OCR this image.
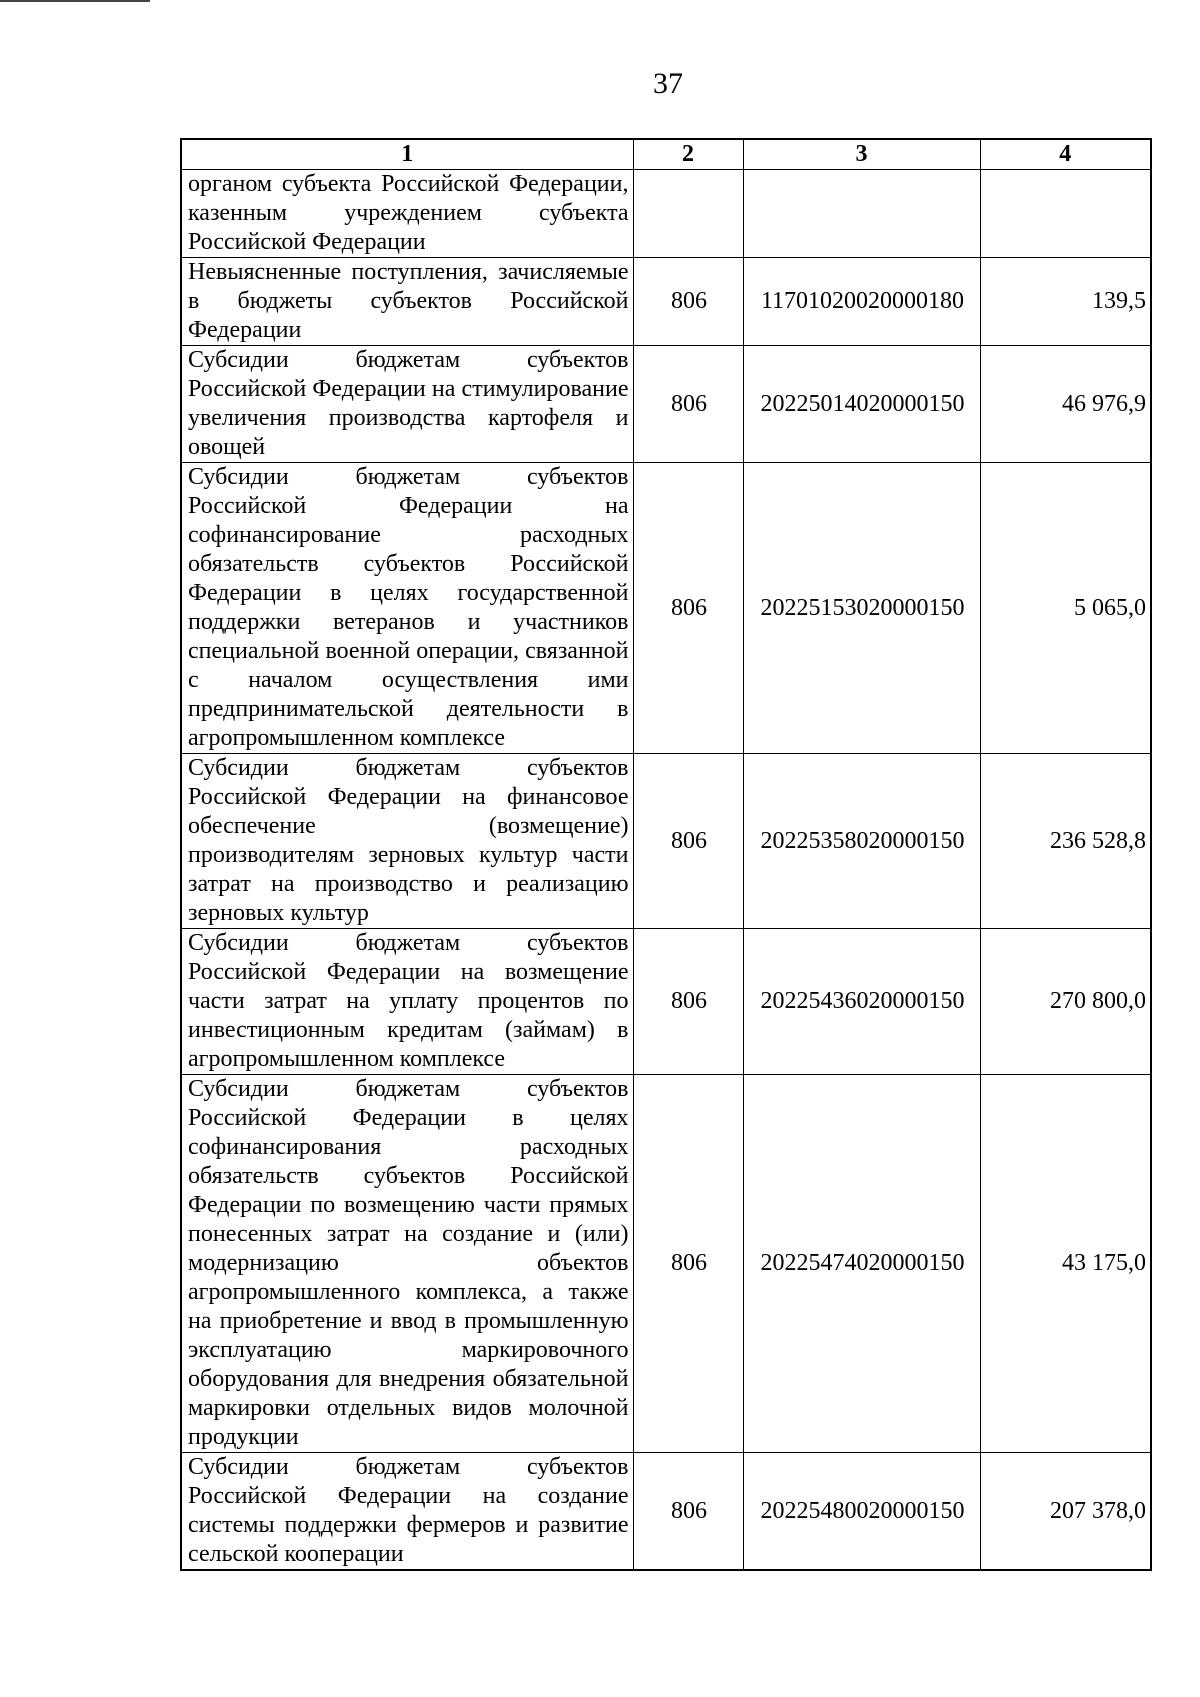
37
1	2	3	4
органом субъекта Российской Федерации, казенным учреждением субъекта Российской Федерации			
Невыясненные поступления, зачисляемые в бюджеты субъектов Российской Федерации	806	11701020020000180	139,5
Субсидии бюджетам субъектов Российской Федерации на стимулирование увеличения производства картофеля и овощей	806	20225014020000150	46 976,9
Субсидии бюджетам субъектов Российской Федерации на софинансирование расходных обязательств субъектов Российской Федерации в целях государственной поддержки ветеранов и участников специальной военной операции, связанной с началом осуществления ими предпринимательской деятельности в агропромышленном комплексе	806	20225153020000150	5 065,0
Субсидии бюджетам субъектов Российской Федерации на финансовое обеспечение (возмещение) производителям зерновых культур части затрат на производство и реализацию зерновых культур	806	20225358020000150	236 528,8
Субсидии бюджетам субъектов Российской Федерации на возмещение части затрат на уплату процентов по инвестиционным кредитам (займам) в агропромышленном комплексе	806	20225436020000150	270 800,0
Субсидии бюджетам субъектов Российской Федерации в целях софинансирования расходных обязательств субъектов Российской Федерации по возмещению части прямых понесенных затрат на создание и (или) модернизацию объектов агропромышленного комплекса, а также на приобретение и ввод в промышленную эксплуатацию маркировочного оборудования для внедрения обязательной маркировки отдельных видов молочной продукции	806	20225474020000150	43 175,0
Субсидии бюджетам субъектов Российской Федерации на создание системы поддержки фермеров и развитие сельской кооперации	806	20225480020000150	207 378,0
